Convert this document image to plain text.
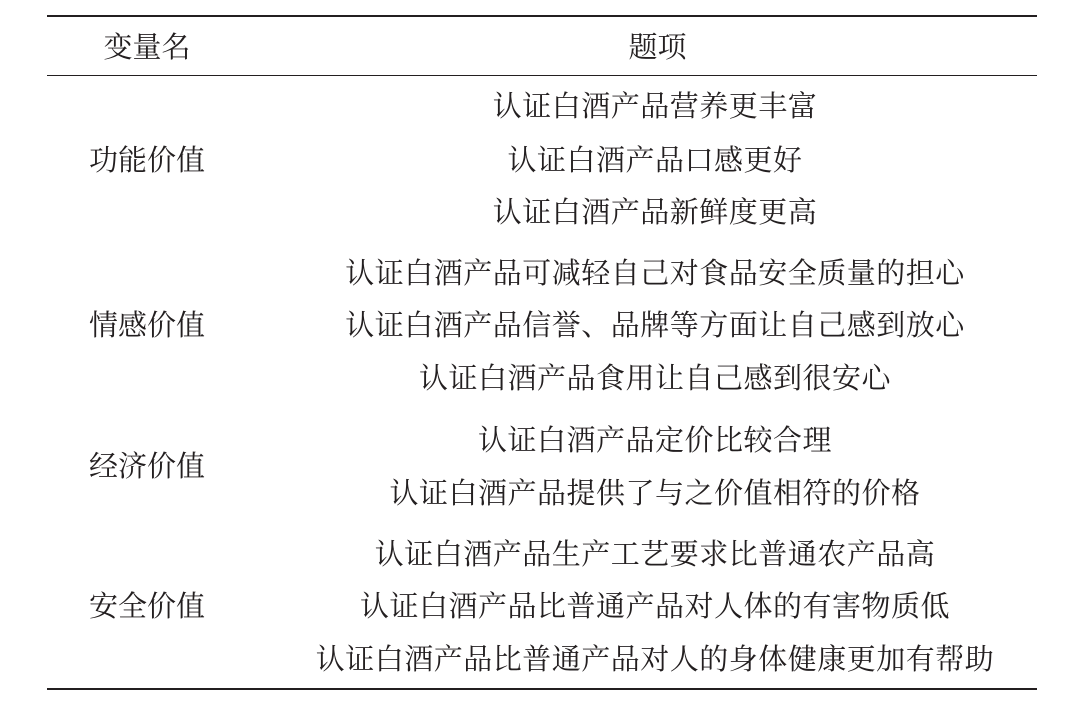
变量名	题项
功能价值
认证白酒产品营养更丰富
认证白酒产品口感更好
认证白酒产品新鲜度更高
情感价值
认证白酒产品可减轻自己对食品安全质量的担心
认证白酒产品信誉、品牌等方面让自己感到放心
认证白酒产品食用让自己感到很安心
经济价值
认证白酒产品定价比较合理
认证白酒产品提供了与之价值相符的价格
安全价值
认证白酒产品生产工艺要求比普通农产品高
认证白酒产品比普通产品对人体的有害物质低
认证白酒产品比普通产品对人的身体健康更加有帮助
